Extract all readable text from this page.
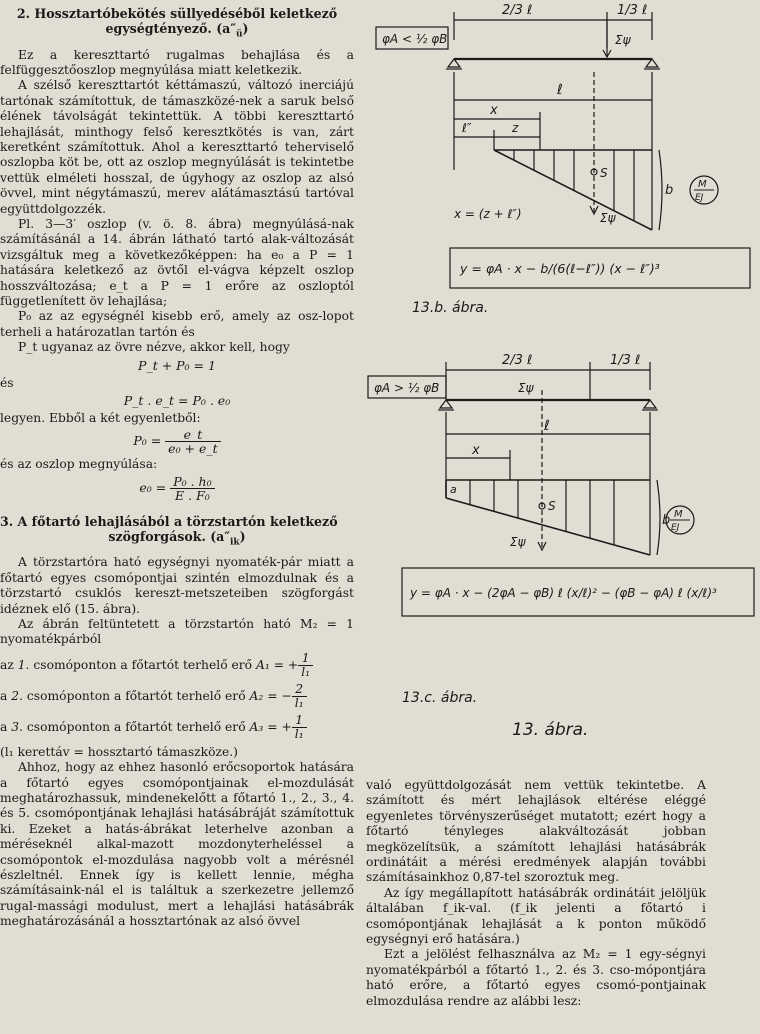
2. Hossztartóbekötés süllyedéséből keletkező

egységtényező. $(a''_ü)$

Ez a kereszttartó rugalmas behajlása és a felfüggesztőoszlop megnyúlása miatt keletkezik.

A szélső kereszttartót kéttámaszú, változó inerciájú tartónak számítottuk, de támaszközé-nek a saruk belső élének távolságát tekintettük. A többi kereszttartó lehajlását, minthogy felső keresztkötés is van, zárt keretként számítottuk. Ahol a kereszttartó teherviselő oszlopba köt be, ott az oszlop megnyúlását is tekintetbe vettük elméleti hosszal, de úgyhogy az oszlop az alsó övvel, mint négytámaszú, merev alátámasztású tartóval együttdolgozzék.

Pl. 3—3′ oszlop (v. ö. 8. ábra) megnyúlásá-nak számításánál a 14. ábrán látható tartó alak-változását vizsgáltuk meg a következőképpen: ha e₀ a P = 1 hatására keletkező az övtől el-vágva képzelt oszlop hosszváltozása; e_t a P = 1 erőre az oszloptól függetlenített öv lehajlása;

P₀ az az egységnél kisebb erő, amely az osz-lopot terheli a határozatlan tartón és

P_t ugyanaz az övre nézve, akkor kell, hogy

P_t + P₀ = 1

és

P_t . e_t = P₀ . e₀

legyen. Ebből a két egyenletből:

$P_0 = \frac{e\_t}{\text{e₀ + e\_t}}$

és az oszlop megnyúlása:

$e_0 = \frac{\text{P₀ . h₀}}{\text{E . F₀}}$

3. A főtartó lehajlásából a törzstartón keletkező

szögforgások. $(a''_{ik})$

A törzstartóra ható egységnyi nyomaték-pár miatt a főtartó egyes csomópontjai szintén elmozdulnak és a törzstartó csuklós kereszt-metszeteiben szögforgást idéznek elő (15. ábra).

Az ábrán feltüntetett a törzstartón ható M₂ = 1 nyomatékpárból

az 1. csomóponton a főtartót terhelő erő A₁ = + $\frac{1}{\text{l₁}}$
a 2. csomóponton a főtartót terhelő erő A₂ = − $\frac{2}{\text{l₁}}$
a 3. csomóponton a főtartót terhelő erő A₃ = + $\frac{1}{\text{l₁}}$

(l₁ kerettáv = hossztartó támaszköze.)

Ahhoz, hogy az ehhez hasonló erőcsoportok hatására a főtartó egyes csomópontjainak el-mozdulását meghatározhassuk, mindenekelőtt a főtartó 1., 2., 3., 4. és 5. csomópontjának lehajlási hatásábráját számítottuk ki. Ezeket a hatás-ábrákat leterhelve azonban a méréseknél alkal-mazott mozdonyterheléssel a csomópontok el-mozdulása nagyobb volt a mérésnél észleltnél. Ennek így is kellett lennie, mégha számításaink-nál el is találtuk a szerkezetre jellemző rugal-massági modulust, mert a lehajlási hatásábrák meghatározásánál a hossztartónak az alsó övvel

2/3 ℓ	1/3 ℓ
φA < ½ φB	Σψ
ℓ
x
ℓ″	z
S
b M
EJ
x = (z + ℓ″)	Σψ
y = φA · x − b/(6(ℓ−ℓ″)) (x − ℓ″)³
13.b. ábra.
2/3 ℓ	1/3 ℓ
φA > ½ φB	Σψ
ℓ
x
a
S
b M
EJ
Σψ
y = φA · x − (2φA − φB) ℓ (x/ℓ)² − (φB − φA) ℓ (x/ℓ)³
13.c. ábra.
13. ábra.

való együttdolgozását nem vettük tekintetbe. A számított és mért lehajlások eltérése eléggé egyenletes törvényszerűséget mutatott; ezért hogy a főtartó tényleges alakváltozását jobban megközelítsük, a számított lehajlási hatásábrák ordinátáit a mérési eredmények alapján további számításainkhoz 0,87-tel szoroztuk meg.

Az így megállapított hatásábrák ordinátáit jelöljük általában f_ik-val. (f_ik jelenti a főtartó i csomópontjának lehajlását a k ponton működő egységnyi erő hatására.)

Ezt a jelölést felhasználva az M₂ = 1 egy-ségnyi nyomatékpárból a főtartó 1., 2. és 3. cso-mópontjára ható erőre, a főtartó egyes csomó-pontjainak elmozdulása rendre az alábbi lesz:
